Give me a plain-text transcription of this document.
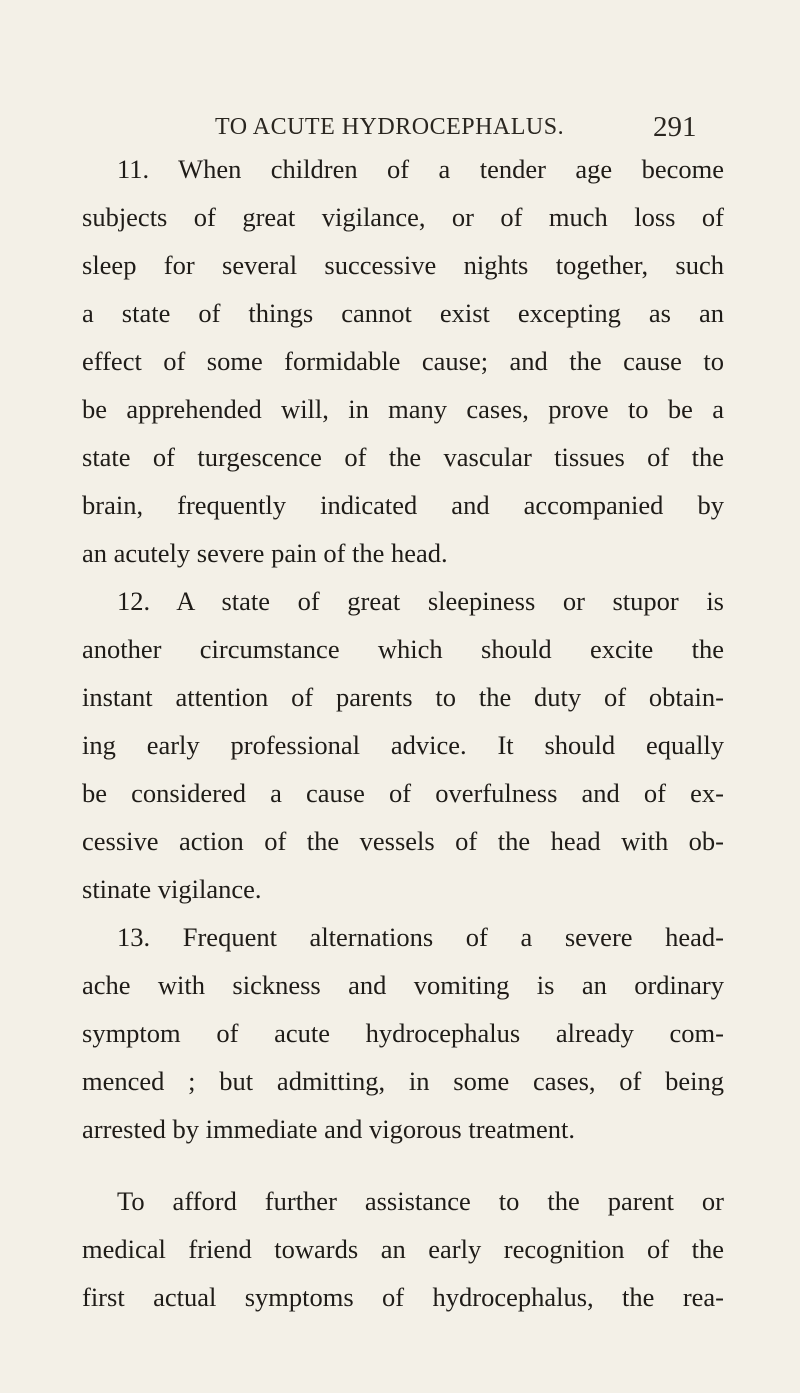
TO ACUTE HYDROCEPHALUS.	291
11. When children of a tender age become
subjects of great vigilance, or of much loss of
sleep for several successive nights together, such
a state of things cannot exist excepting as an
effect of some formidable cause; and the cause to
be apprehended will, in many cases, prove to be a
state of turgescence of the vascular tissues of the
brain, frequently indicated and accompanied by
an acutely severe pain of the head.
12. A state of great sleepiness or stupor is
another circumstance which should excite the
instant attention of parents to the duty of obtain-
ing early professional advice. It should equally
be considered a cause of overfulness and of ex-
cessive action of the vessels of the head with ob-
stinate vigilance.
13. Frequent alternations of a severe head-
ache with sickness and vomiting is an ordinary
symptom of acute hydrocephalus already com-
menced ; but admitting, in some cases, of being
arrested by immediate and vigorous treatment.
To afford further assistance to the parent or
medical friend towards an early recognition of the
first actual symptoms of hydrocephalus, the rea-
